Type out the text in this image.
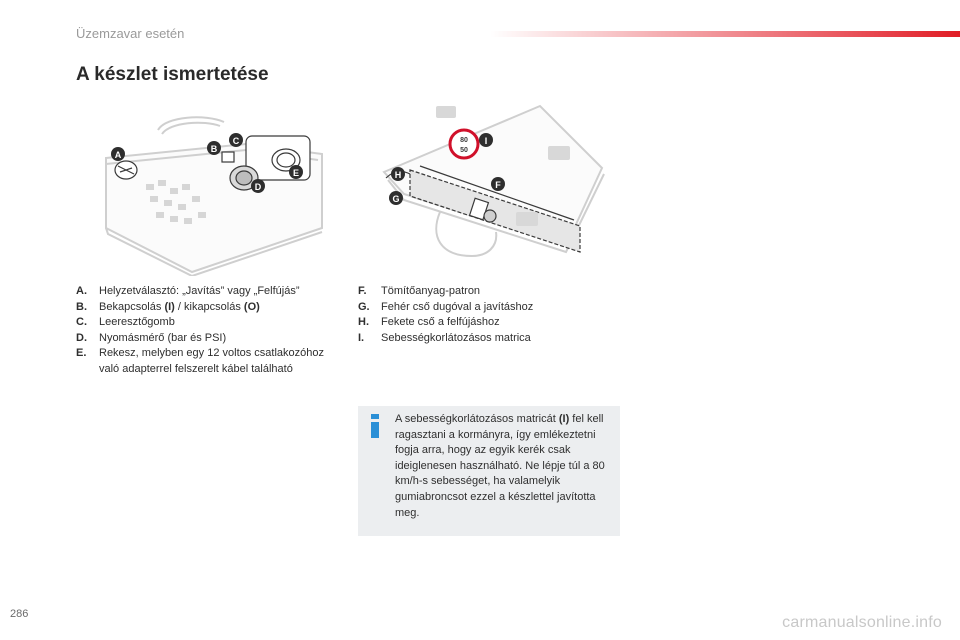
Üzemzavar esetén
A készlet ismertetése
A
B
C
D
E
80
50
I
F
H
G
A.	Helyzetválasztó: „Javítás” vagy „Felfújás”
B.	Bekapcsolás (I) / kikapcsolás (O)
C.	Leeresztőgomb
D.	Nyomásmérő (bar és PSI)
E.	Rekesz, melyben egy 12 voltos csatlakozóhoz való adapterrel felszerelt kábel található
F.	Tömítőanyag-patron
G.	Fehér cső dugóval a javításhoz
H.	Fekete cső a felfújáshoz
I.	Sebességkorlátozásos matrica
A sebességkorlátozásos matricát (I) fel kell ragasztani a kormányra, így emlékeztetni fogja arra, hogy az egyik kerék csak ideiglenesen használható. Ne lépje túl a 80 km/h-s sebességet, ha valamelyik gumiabroncsot ezzel a készlettel javította meg.
286	carmanualsonline.info
